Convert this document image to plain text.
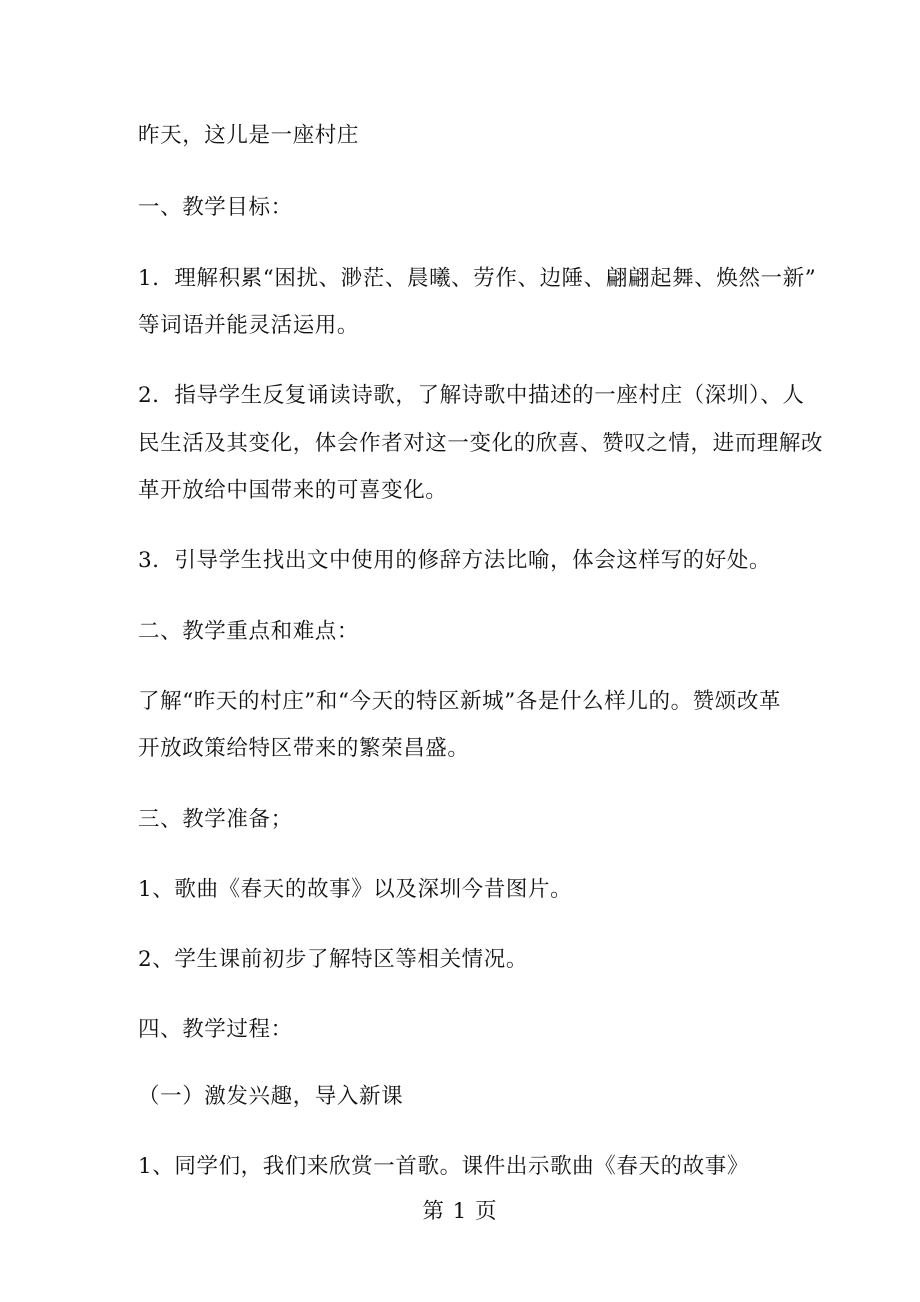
昨天，这儿是一座村庄
一、教学目标：
1．理解积累“困扰、渺茫、晨曦、劳作、边陲、翩翩起舞、焕然一新”
等词语并能灵活运用。
2．指导学生反复诵读诗歌，了解诗歌中描述的一座村庄（深圳）、人
民生活及其变化，体会作者对这一变化的欣喜、赞叹之情，进而理解改
革开放给中国带来的可喜变化。
3．引导学生找出文中使用的修辞方法比喻，体会这样写的好处。
二、教学重点和难点：
了解“昨天的村庄”和“今天的特区新城”各是什么样儿的。赞颂改革
开放政策给特区带来的繁荣昌盛。
三、教学准备；
1、歌曲《春天的故事》以及深圳今昔图片。
2、学生课前初步了解特区等相关情况。
四、教学过程：
（一）激发兴趣，导入新课
1、同学们，我们来欣赏一首歌。课件出示歌曲《春天的故事》
第 1 页
